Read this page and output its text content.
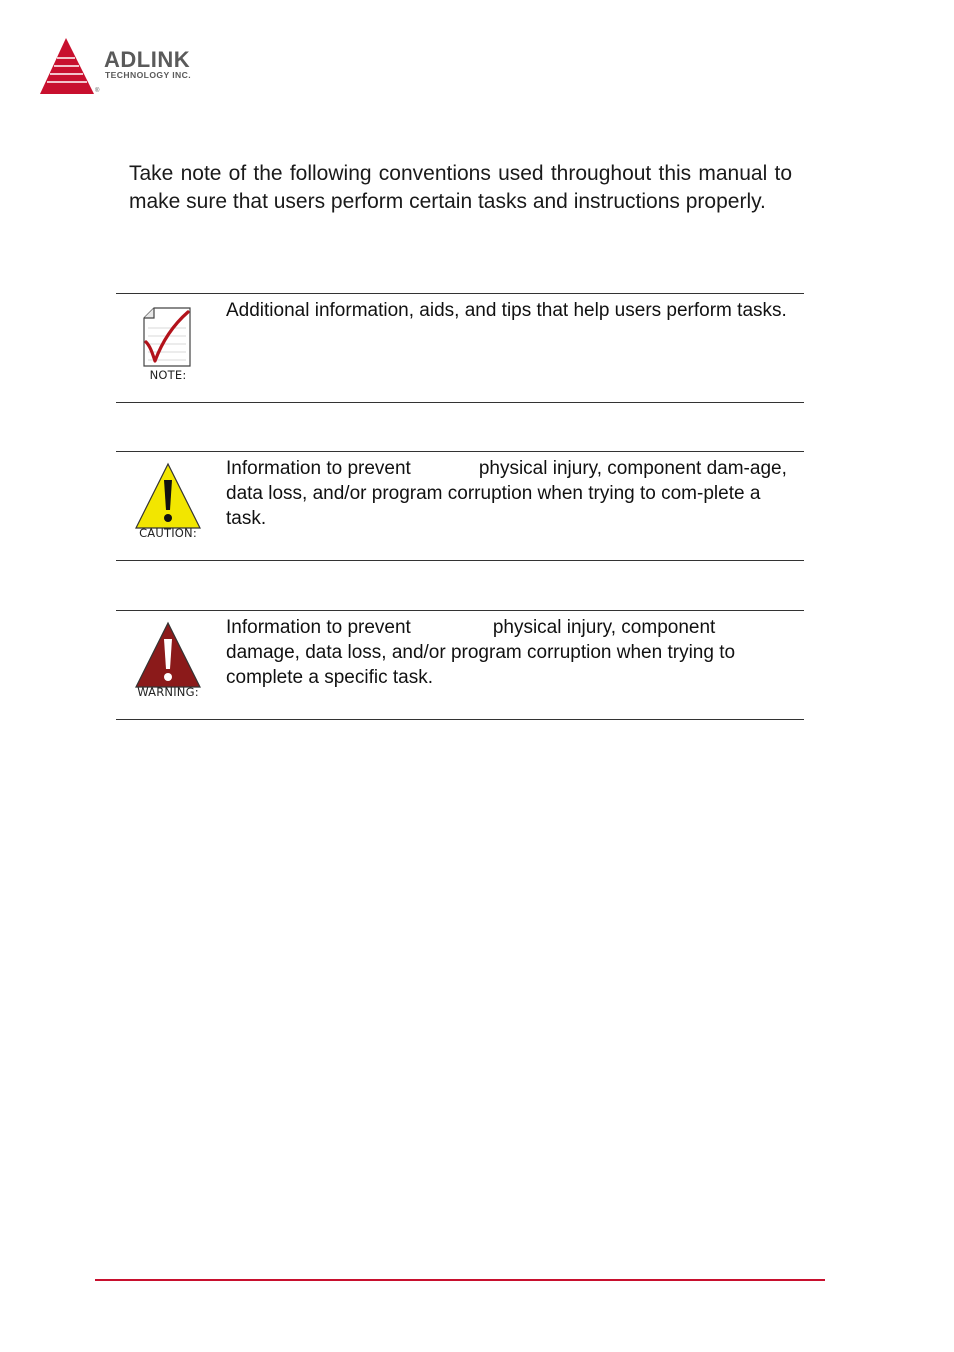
ADLINK
TECHNOLOGY INC.
®

Take note of the following conventions used throughout this manual to make sure that users perform certain tasks and instructions properly.

NOTE:

Additional information, aids, and tips that help users perform tasks.

CAUTION:

Information to prevent	physical injury, component dam-age, data loss, and/or program corruption when trying to com-plete a task.

WARNING:

Information to prevent	physical injury, component damage, data loss, and/or program corruption when trying to complete a specific task.
